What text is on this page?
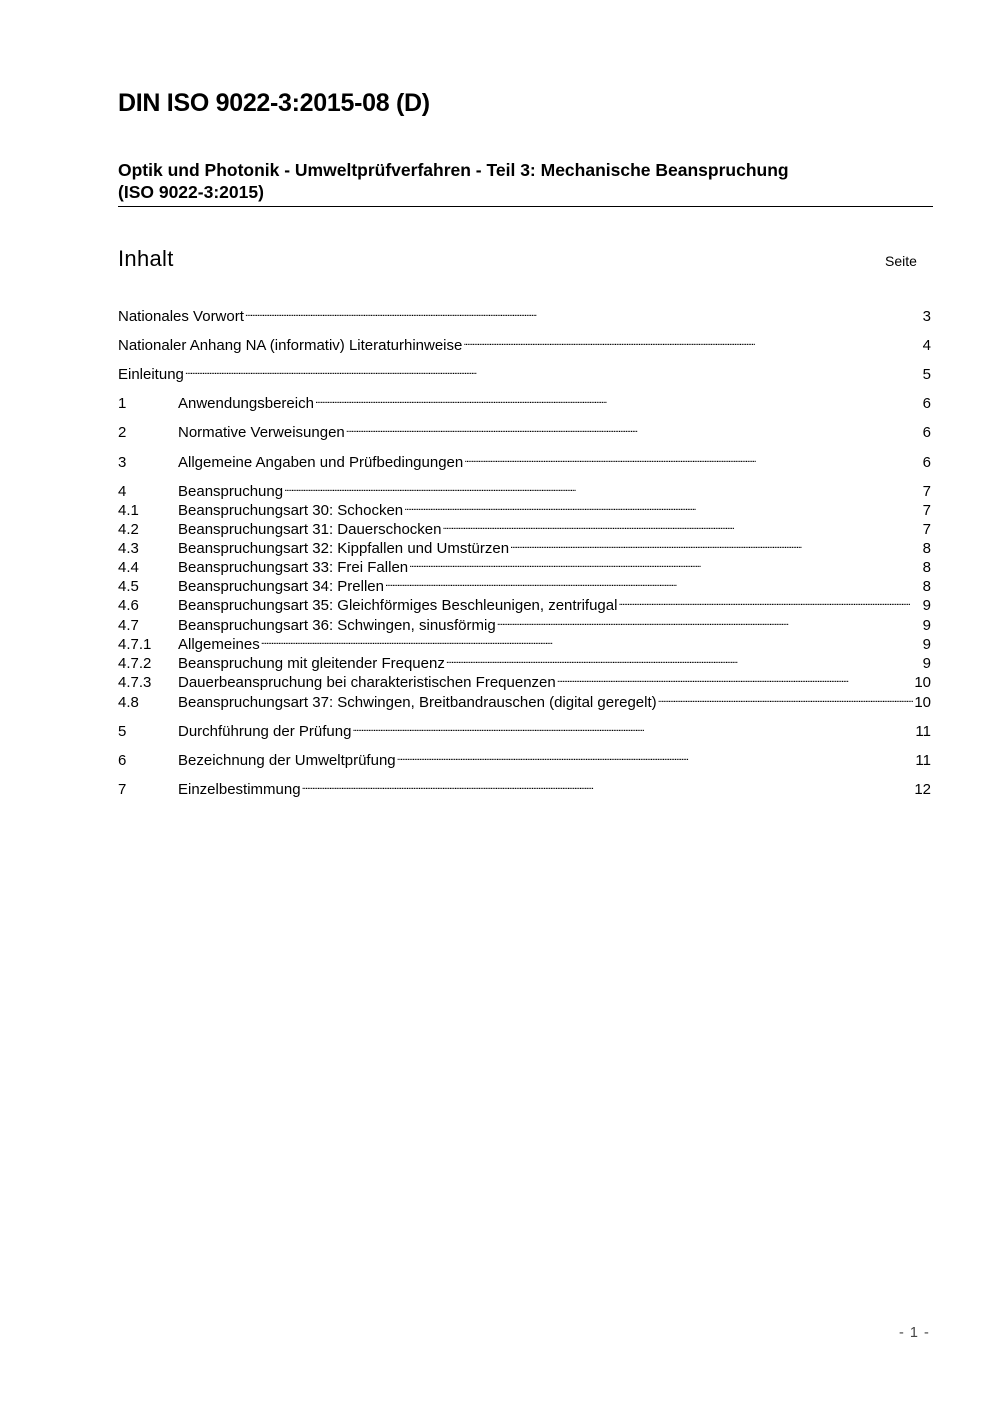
DIN ISO 9022-3:2015-08 (D)
Optik und Photonik - Umweltprüfverfahren - Teil 3: Mechanische Beanspruchung
(ISO 9022-3:2015)
Inhalt	Seite
Nationales Vorwort . . .	3
Nationaler Anhang NA (informativ) Literaturhinweise . . .	4
Einleitung . . .	5
1	Anwendungsbereich . . .	6
2	Normative Verweisungen . . .	6
3	Allgemeine Angaben und Prüfbedingungen . . .	6
4	Beanspruchung . . .	7
4.1	Beanspruchungsart 30: Schocken . . .	7
4.2	Beanspruchungsart 31: Dauerschocken . . .	7
4.3	Beanspruchungsart 32: Kippfallen und Umstürzen . . .	8
4.4	Beanspruchungsart 33: Frei Fallen . . .	8
4.5	Beanspruchungsart 34: Prellen . . .	8
4.6	Beanspruchungsart 35: Gleichförmiges Beschleunigen, zentrifugal . . .	9
4.7	Beanspruchungsart 36: Schwingen, sinusförmig . . .	9
4.7.1	Allgemeines . . .	9
4.7.2	Beanspruchung mit gleitender Frequenz . . .	9
4.7.3	Dauerbeanspruchung bei charakteristischen Frequenzen . . .	10
4.8	Beanspruchungsart 37: Schwingen, Breitbandrauschen (digital geregelt) . . .	10
5	Durchführung der Prüfung . . .	11
6	Bezeichnung der Umweltprüfung . . .	11
7	Einzelbestimmung . . .	12
- 1 -
